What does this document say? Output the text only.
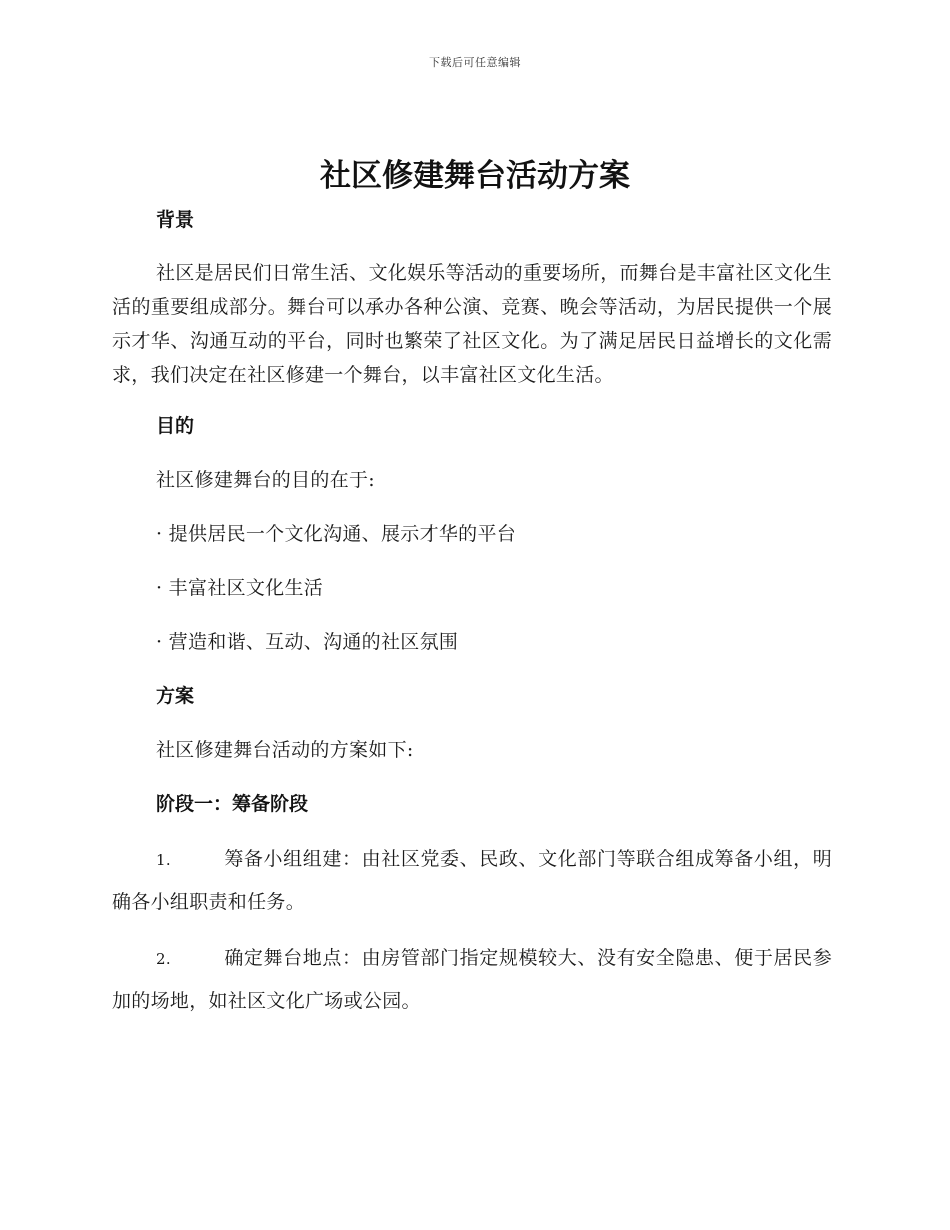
下载后可任意编辑
社区修建舞台活动方案
背景

社区是居民们日常生活、文化娱乐等活动的重要场所，而舞台是丰富社区文化生活的重要组成部分。舞台可以承办各种公演、竞赛、晚会等活动，为居民提供一个展示才华、沟通互动的平台，同时也繁荣了社区文化。为了满足居民日益增长的文化需求，我们决定在社区修建一个舞台，以丰富社区文化生活。

目的

社区修建舞台的目的在于:

· 提供居民一个文化沟通、展示才华的平台

· 丰富社区文化生活

· 营造和谐、互动、沟通的社区氛围

方案

社区修建舞台活动的方案如下:

阶段一：筹备阶段

1.	筹备小组组建：由社区党委、民政、文化部门等联合组成筹备小组，明确各小组职责和任务。

2.	确定舞台地点：由房管部门指定规模较大、没有安全隐患、便于居民参加的场地，如社区文化广场或公园。
